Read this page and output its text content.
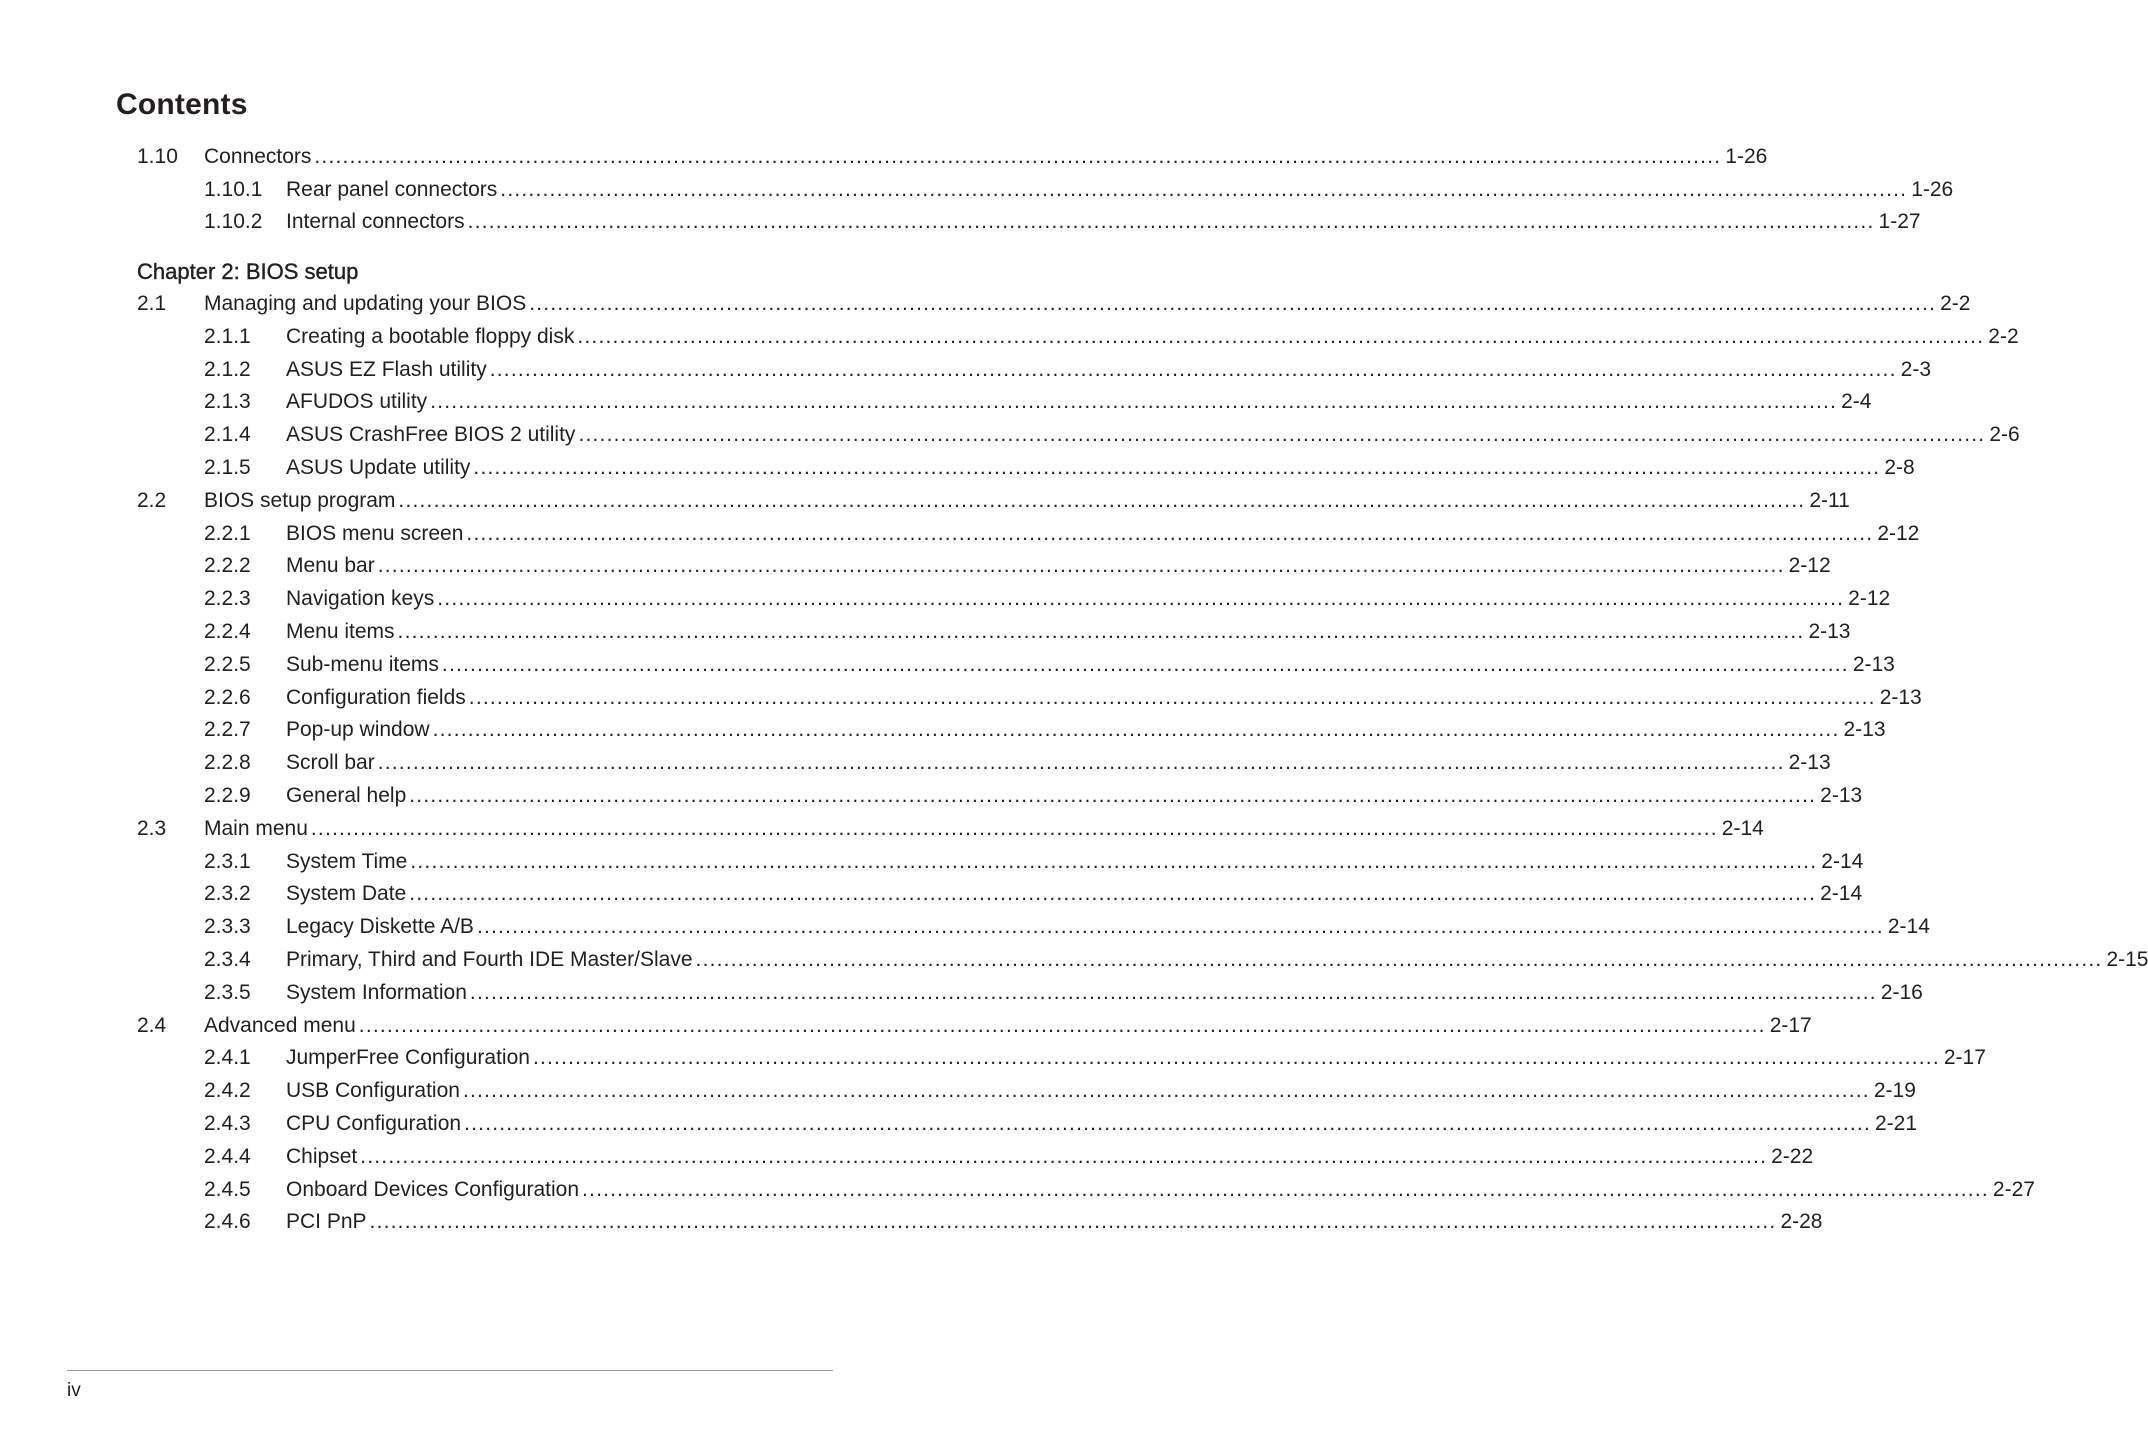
Contents
1.10 Connectors ........................................................................................................................................................................................................ 1-26
1.10.1 Rear panel connectors ........................................................................................................................................................................................................ 1-26
1.10.2 Internal connectors ........................................................................................................................................................................................................ 1-27
2.1 Managing and updating your BIOS ........................................................................................................................................................................................................ 2-2
2.1.1 Creating a bootable floppy disk ........................................................................................................................................................................................................ 2-2
2.1.2 ASUS EZ Flash utility ........................................................................................................................................................................................................ 2-3
2.1.3 AFUDOS utility ........................................................................................................................................................................................................ 2-4
2.1.4 ASUS CrashFree BIOS 2 utility ........................................................................................................................................................................................................ 2-6
2.1.5 ASUS Update utility ........................................................................................................................................................................................................ 2-8
2.2 BIOS setup program ........................................................................................................................................................................................................ 2-11
2.2.1 BIOS menu screen ........................................................................................................................................................................................................ 2-12
2.2.2 Menu bar ........................................................................................................................................................................................................ 2-12
2.2.3 Navigation keys ........................................................................................................................................................................................................ 2-12
2.2.4 Menu items ........................................................................................................................................................................................................ 2-13
2.2.5 Sub-menu items ........................................................................................................................................................................................................ 2-13
2.2.6 Configuration fields ........................................................................................................................................................................................................ 2-13
2.2.7 Pop-up window ........................................................................................................................................................................................................ 2-13
2.2.8 Scroll bar ........................................................................................................................................................................................................ 2-13
2.2.9 General help ........................................................................................................................................................................................................ 2-13
2.3 Main menu ........................................................................................................................................................................................................ 2-14
2.3.1 System Time ........................................................................................................................................................................................................ 2-14
2.3.2 System Date ........................................................................................................................................................................................................ 2-14
2.3.3 Legacy Diskette A/B ........................................................................................................................................................................................................ 2-14
2.3.4 Primary, Third and Fourth IDE Master/Slave ........................................................................................................................................................................................................ 2-15
2.3.5 System Information ........................................................................................................................................................................................................ 2-16
2.4 Advanced menu ........................................................................................................................................................................................................ 2-17
2.4.1 JumperFree Configuration ........................................................................................................................................................................................................ 2-17
2.4.2 USB Configuration ........................................................................................................................................................................................................ 2-19
2.4.3 CPU Configuration ........................................................................................................................................................................................................ 2-21
2.4.4 Chipset ........................................................................................................................................................................................................ 2-22
2.4.5 Onboard Devices Configuration ........................................................................................................................................................................................................ 2-27
2.4.6 PCI PnP ........................................................................................................................................................................................................ 2-28
Chapter 2: BIOS setup
iv
